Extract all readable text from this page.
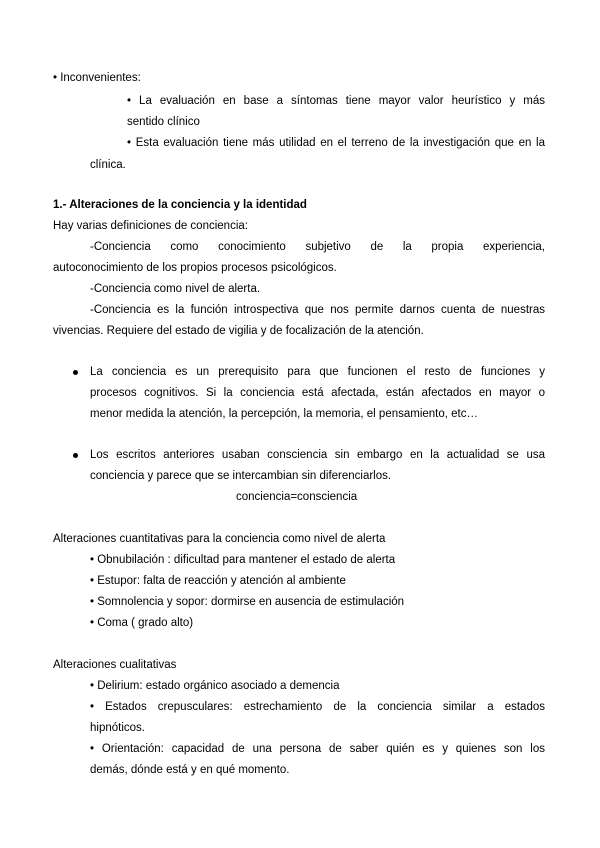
• Inconvenientes:
• La evaluación en base a síntomas tiene mayor valor heurístico y más
sentido clínico
• Esta evaluación tiene más utilidad en el terreno de la investigación que en la
clínica.
1.- Alteraciones de la conciencia y la identidad
Hay varias definiciones de conciencia:
-Conciencia como conocimiento subjetivo de la propia experiencia,
autoconocimiento de los propios procesos psicológicos.
-Conciencia como nivel de alerta.
-Conciencia es la función introspectiva que nos permite darnos cuenta de nuestras
vivencias. Requiere del estado de vigilia y de focalización de la atención.
La conciencia es un prerequisito para que funcionen el resto de funciones y
procesos cognitivos. Si la conciencia está afectada, están afectados en mayor o
menor medida la atención, la percepción, la memoria, el pensamiento, etc…
Los escritos anteriores usaban consciencia sin embargo en la actualidad se usa
conciencia y parece que se intercambian sin diferenciarlos.
conciencia=consciencia
Alteraciones cuantitativas para la conciencia como nivel de alerta
• Obnubilación : dificultad para mantener el estado de alerta
• Estupor: falta de reacción y atención al ambiente
• Somnolencia y sopor: dormirse en ausencia de estimulación
• Coma ( grado alto)
Alteraciones cualitativas
• Delirium: estado orgánico asociado a demencia
• Estados crepusculares: estrechamiento de la conciencia similar a estados
hipnóticos.
• Orientación: capacidad de una persona de saber quién es y quienes son los
demás, dónde está y en qué momento.
